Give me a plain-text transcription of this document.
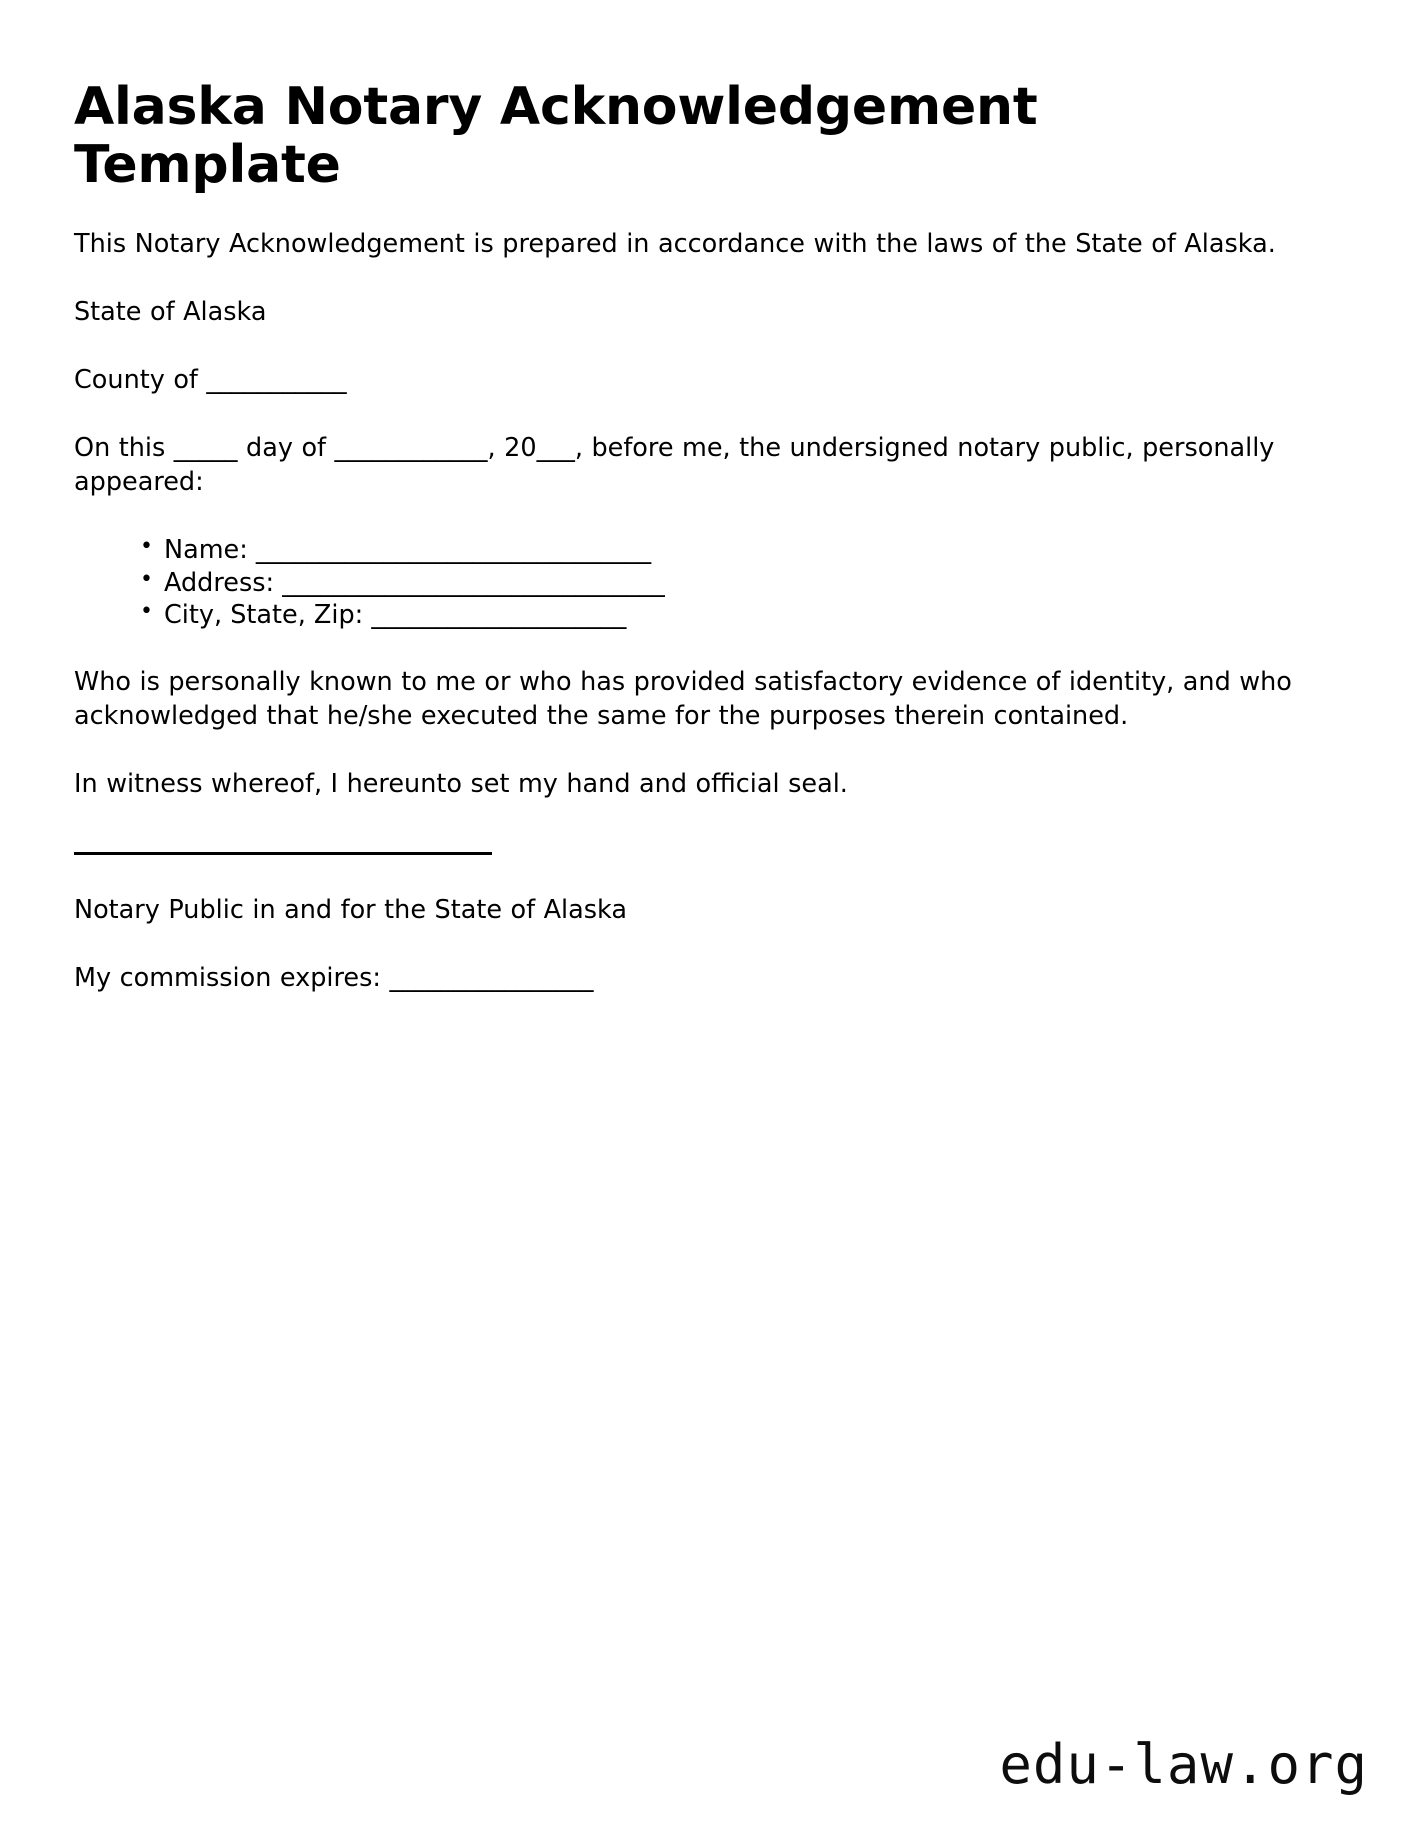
Alaska Notary Acknowledgement Template

This Notary Acknowledgement is prepared in accordance with the laws of the State of Alaska.

State of Alaska

County of ___________

On this _____ day of ____________, 20___, before me, the undersigned notary public, personally appeared:

• Name: _______________________________
• Address: ______________________________
• City, State, Zip: ____________________

Who is personally known to me or who has provided satisfactory evidence of identity, and who acknowledged that he/she executed the same for the purposes therein contained.

In witness whereof, I hereunto set my hand and official seal.

Notary Public in and for the State of Alaska

My commission expires: ________________

edu-law.org
